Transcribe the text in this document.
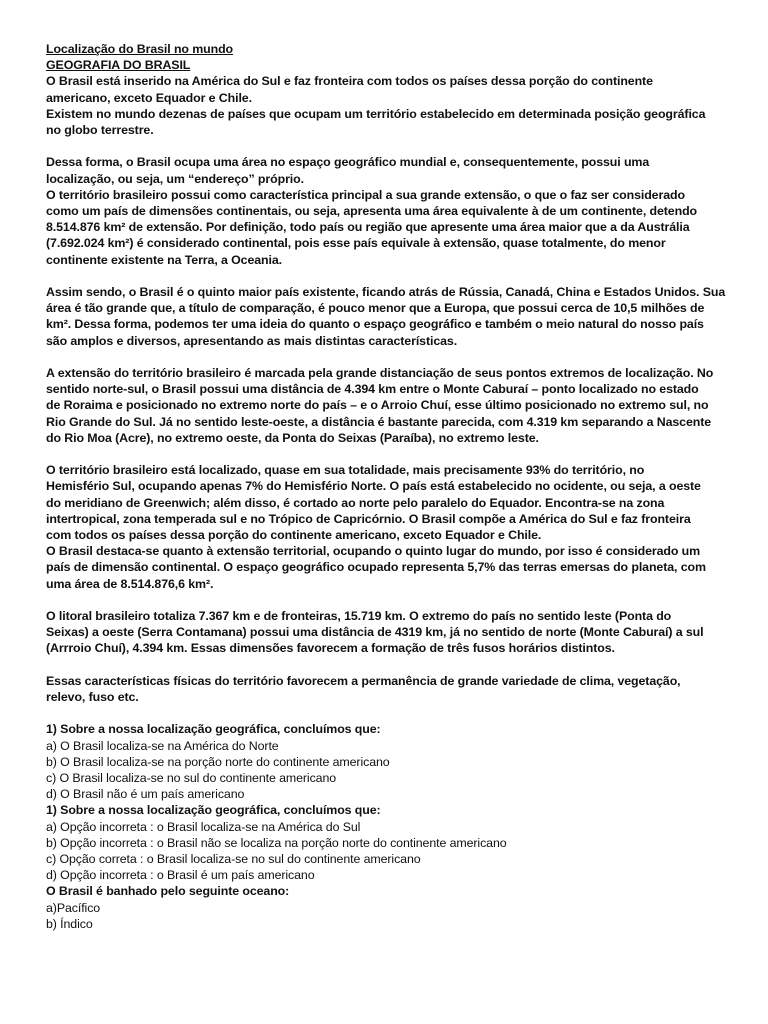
Localização do Brasil no mundo

GEOGRAFIA DO BRASIL

O Brasil está inserido na América do Sul e faz fronteira com todos os países dessa porção do continente

americano, exceto Equador e Chile.

Existem no mundo dezenas de países que ocupam um território estabelecido em determinada posição geográfica

no globo terrestre.

Dessa forma, o Brasil ocupa uma área no espaço geográfico mundial e, consequentemente, possui uma

localização, ou seja, um “endereço” próprio.

O território brasileiro possui como característica principal a sua grande extensão, o que o faz ser considerado

como um país de dimensões continentais, ou seja, apresenta uma área equivalente à de um continente, detendo

8.514.876 km² de extensão. Por definição, todo país ou região que apresente uma área maior que a da Austrália

(7.692.024 km²) é considerado continental, pois esse país equivale à extensão, quase totalmente, do menor

continente existente na Terra, a Oceania.

Assim sendo, o Brasil é o quinto maior país existente, ficando atrás de Rússia, Canadá, China e Estados Unidos. Sua

área é tão grande que, a título de comparação, é pouco menor que a Europa, que possui cerca de 10,5 milhões de

km². Dessa forma, podemos ter uma ideia do quanto o espaço geográfico e também o meio natural do nosso país

são amplos e diversos, apresentando as mais distintas características.

A extensão do território brasileiro é marcada pela grande distanciação de seus pontos extremos de localização. No

sentido norte-sul, o Brasil possui uma distância de 4.394 km entre o Monte Caburaí – ponto localizado no estado

de Roraima e posicionado no extremo norte do país – e o Arroio Chuí, esse último posicionado no extremo sul, no

Rio Grande do Sul. Já no sentido leste-oeste, a distância é bastante parecida, com 4.319 km separando a Nascente

do Rio Moa (Acre), no extremo oeste, da Ponta do Seixas (Paraíba), no extremo leste.

O território brasileiro está localizado, quase em sua totalidade, mais precisamente 93% do território, no

Hemisfério Sul, ocupando apenas 7% do Hemisfério Norte. O país está estabelecido no ocidente, ou seja, a oeste

do meridiano de Greenwich; além disso, é cortado ao norte pelo paralelo do Equador. Encontra-se na zona

intertropical, zona temperada sul e no Trópico de Capricórnio. O Brasil compõe a América do Sul e faz fronteira

com todos os países dessa porção do continente americano, exceto Equador e Chile.

O Brasil destaca-se quanto à extensão territorial, ocupando o quinto lugar do mundo, por isso é considerado um

país de dimensão continental. O espaço geográfico ocupado representa 5,7% das terras emersas do planeta, com

uma área de 8.514.876,6 km².

O litoral brasileiro totaliza 7.367 km e de fronteiras, 15.719 km. O extremo do país no sentido leste (Ponta do

Seixas) a oeste (Serra Contamana) possui uma distância de 4319 km, já no sentido de norte (Monte Caburaí) a sul

(Arrroio Chuí), 4.394 km. Essas dimensões favorecem a formação de três fusos horários distintos.

Essas características físicas do território favorecem a permanência de grande variedade de clima, vegetação,

relevo, fuso etc.

1) Sobre a nossa localização geográfica, concluímos que:

a) O Brasil localiza-se na América do Norte

b) O Brasil localiza-se na porção norte do continente americano

c) O Brasil localiza-se no sul do continente americano

d) O Brasil não é um país americano

1) Sobre a nossa localização geográfica, concluímos que:

a) Opção incorreta : o Brasil localiza-se na América do Sul

b) Opção incorreta : o Brasil não se localiza na porção norte do continente americano

c) Opção correta : o Brasil localiza-se no sul do continente americano

d) Opção incorreta : o Brasil é um país americano

O Brasil é banhado pelo seguinte oceano:

a)Pacífico

b) Índico
